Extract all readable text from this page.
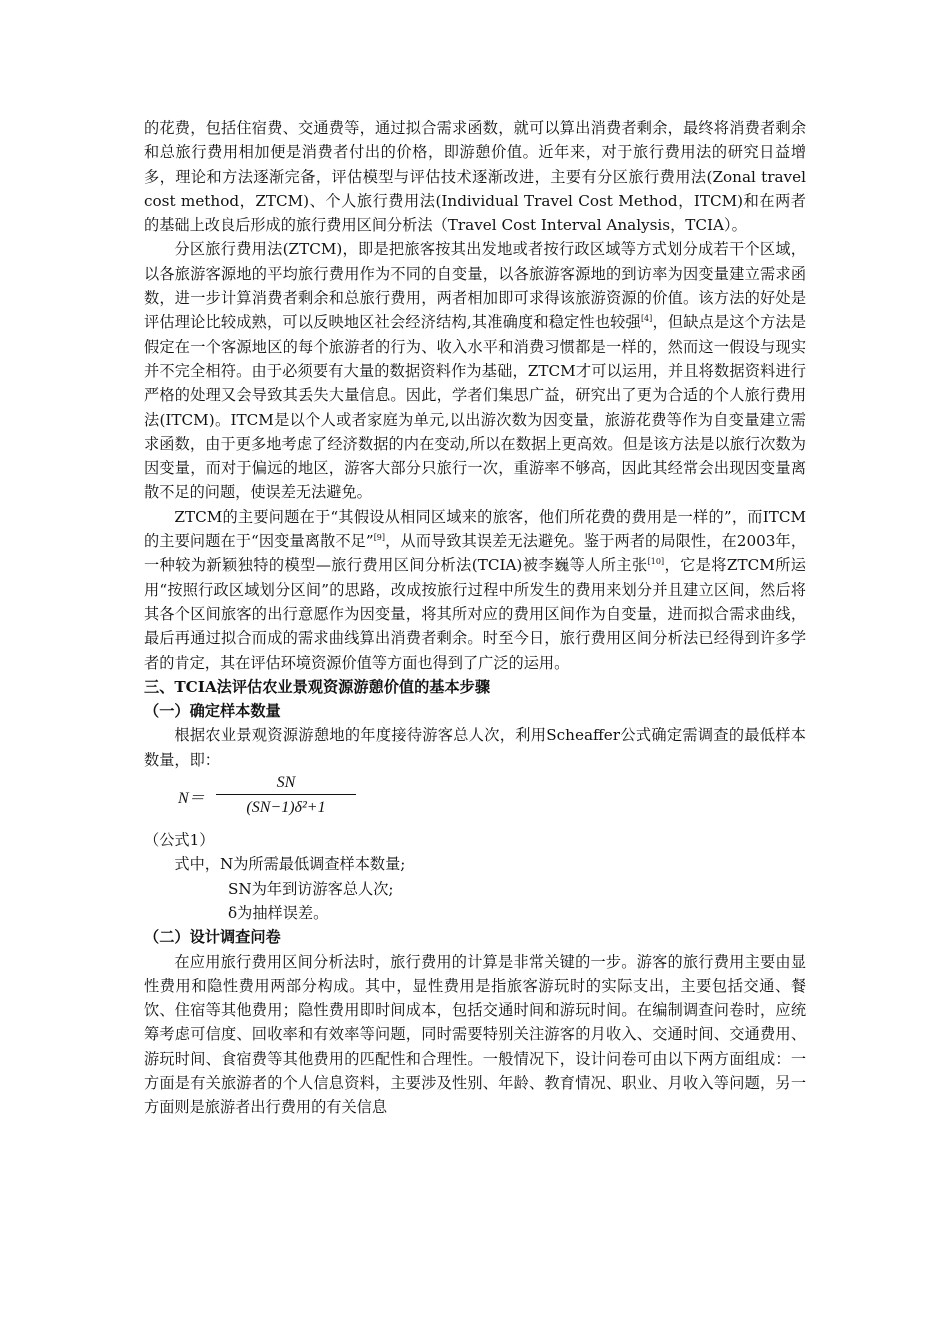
的花费，包括住宿费、交通费等，通过拟合需求函数，就可以算出消费者剩余，最终将消费者剩余和总旅行费用相加便是消费者付出的价格，即游憩价值。近年来，对于旅行费用法的研究日益增多，理论和方法逐渐完备，评估模型与评估技术逐渐改进，主要有分区旅行费用法(Zonal travel cost method，ZTCM)、个人旅行费用法(Individual Travel Cost Method，ITCM)和在两者的基础上改良后形成的旅行费用区间分析法（Travel Cost Interval Analysis，TCIA）。

分区旅行费用法(ZTCM)，即是把旅客按其出发地或者按行政区域等方式划分成若干个区域，以各旅游客源地的平均旅行费用作为不同的自变量，以各旅游客源地的到访率为因变量建立需求函数，进一步计算消费者剩余和总旅行费用，两者相加即可求得该旅游资源的价值。该方法的好处是评估理论比较成熟，可以反映地区社会经济结构,其准确度和稳定性也较强[4]，但缺点是这个方法是假定在一个客源地区的每个旅游者的行为、收入水平和消费习惯都是一样的，然而这一假设与现实并不完全相符。由于必须要有大量的数据资料作为基础，ZTCM才可以运用，并且将数据资料进行严格的处理又会导致其丢失大量信息。因此，学者们集思广益，研究出了更为合适的个人旅行费用法(ITCM)。ITCM是以个人或者家庭为单元,以出游次数为因变量，旅游花费等作为自变量建立需求函数，由于更多地考虑了经济数据的内在变动,所以在数据上更高效。但是该方法是以旅行次数为因变量，而对于偏远的地区，游客大部分只旅行一次，重游率不够高，因此其经常会出现因变量离散不足的问题，使误差无法避免。

ZTCM的主要问题在于“其假设从相同区域来的旅客，他们所花费的费用是一样的”，而ITCM的主要问题在于“因变量离散不足”[9]，从而导致其误差无法避免。鉴于两者的局限性，在2003年，一种较为新颖独特的模型—旅行费用区间分析法(TCIA)被李巍等人所主张[10]，它是将ZTCM所运用“按照行政区域划分区间”的思路，改成按旅行过程中所发生的费用来划分并且建立区间，然后将其各个区间旅客的出行意愿作为因变量，将其所对应的费用区间作为自变量，进而拟合需求曲线，最后再通过拟合而成的需求曲线算出消费者剩余。时至今日，旅行费用区间分析法已经得到许多学者的肯定，其在评估环境资源价值等方面也得到了广泛的运用。

三、TCIA法评估农业景观资源游憩价值的基本步骤
（一）确定样本数量

根据农业景观资源游憩地的年度接待游客总人次，利用Scheaffer公式确定需调查的最低样本数量，即：

N＝
SN
(SN−1)δ²+1

（公式1）

式中，N为所需最低调查样本数量;

SN为年到访游客总人次;

δ为抽样误差。

（二）设计调查问卷

在应用旅行费用区间分析法时，旅行费用的计算是非常关键的一步。游客的旅行费用主要由显性费用和隐性费用两部分构成。其中，显性费用是指旅客游玩时的实际支出，主要包括交通、餐饮、住宿等其他费用；隐性费用即时间成本，包括交通时间和游玩时间。在编制调查问卷时，应统筹考虑可信度、回收率和有效率等问题，同时需要特别关注游客的月收入、交通时间、交通费用、游玩时间、食宿费等其他费用的匹配性和合理性。一般情况下，设计问卷可由以下两方面组成：一方面是有关旅游者的个人信息资料，主要涉及性别、年龄、教育情况、职业、月收入等问题，另一方面则是旅游者出行费用的有关信息
